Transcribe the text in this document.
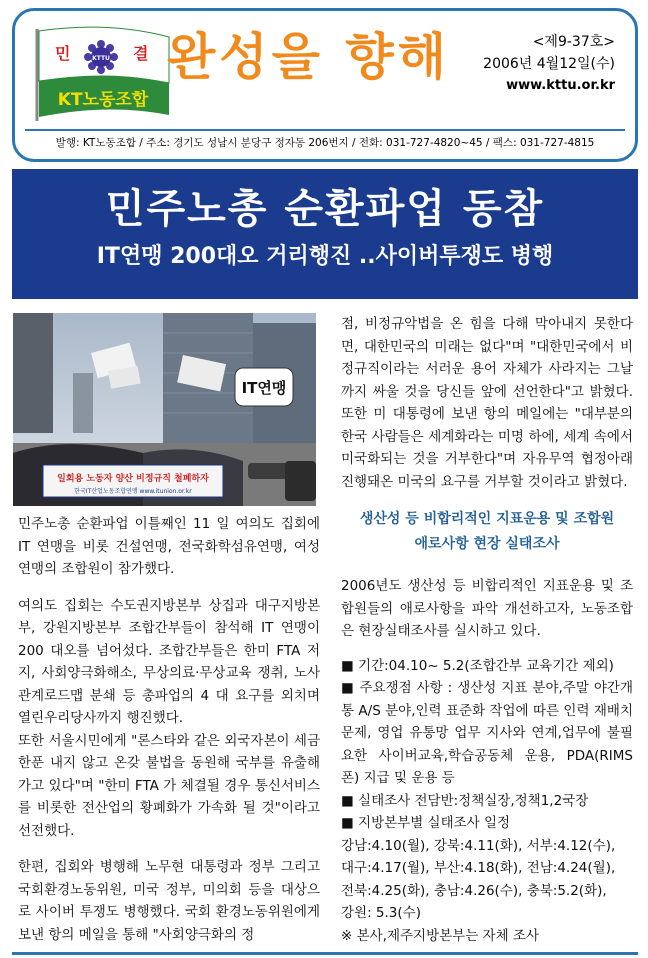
KTTU
민	결
KT노동조합
완성을 향해	<제9-37호>
2006년 4월12일(수)
www.kttu.or.kr
발행: KT노동조합 / 주소: 경기도 성남시 분당구 정자동 206번지 / 전화: 031-727-4820~45 / 팩스: 031-727-4815
민주노총 순환파업 동참
IT연맹 200대오 거리행진 ..사이버투쟁도 병행
IT연맹
일회용 노동자 양산 비정규직 철폐하자
한국IT산업노동조합연맹 www.itunion.or.kr

민주노총 순환파업 이틀째인 11 일 여의도 집회에 IT 연맹을 비롯 건설연맹, 전국화학섬유연맹, 여성연맹의 조합원이 참가했다.

여의도 집회는 수도권지방본부 상집과 대구지방본부, 강원지방본부 조합간부들이 참석해 IT 연맹이 200 대오를 넘어섰다. 조합간부들은 한미 FTA 저지, 사회양극화해소, 무상의료·무상교육 쟁취, 노사관계로드맵 분쇄 등 총파업의 4 대 요구를 외치며 열린우리당사까지 행진했다.
또한 서울시민에게 "론스타와 같은 외국자본이 세금 한푼 내지 않고 온갖 불법을 동원해 국부를 유출해가고 있다"며 "한미 FTA 가 체결될 경우 통신서비스를 비롯한 전산업의 황폐화가 가속화 될 것"이라고 선전했다.

한편, 집회와 병행해 노무현 대통령과 정부 그리고 국회환경노동위원, 미국 정부, 미의회 등을 대상으로 사이버 투쟁도 병행했다. 국회 환경노동위원에게 보낸 항의 메일을 통해 "사회양극화의 정

점, 비정규악법을 온 힘을 다해 막아내지 못한다면, 대한민국의 미래는 없다"며 "대한민국에서 비정규직이라는 서러운 용어 자체가 사라지는 그날까지 싸울 것을 당신들 앞에 선언한다"고 밝혔다. 또한 미 대통령에 보낸 항의 메일에는 "대부분의 한국 사람들은 세계화라는 미명 하에, 세계 속에서 미국화되는 것을 거부한다"며 자유무역 협정아래 진행돼온 미국의 요구를 거부할 것이라고 밝혔다.

생산성 등 비합리적인 지표운용 및 조합원
애로사항 현장 실태조사

2006년도 생산성 등 비합리적인 지표운용 및 조합원들의 애로사항을 파악 개선하고자, 노동조합은 현장실태조사를 실시하고 있다.

■ 기간:04.10~ 5.2(조합간부 교육기간 제외)

■ 주요쟁점 사항 : 생산성 지표 분야,주말 야간개통 A/S 분야,인력 표준화 작업에 따른 인력 재배치 문제, 영업 유통망 업무 지사와 연계,업무에 불필요한 사이버교육,학습공동체 운용, PDA(RIMS 폰) 지급 및 운용 등

■ 실태조사 전담반:정책실장,정책1,2국장

■ 지방본부별 실태조사 일정

강남:4.10(월), 강북:4.11(화), 서부:4.12(수),

대구:4.17(월), 부산:4.18(화), 전남:4.24(월),

전북:4.25(화), 충남:4.26(수), 충북:5.2(화),

강원: 5.3(수)

※ 본사,제주지방본부는 자체 조사
